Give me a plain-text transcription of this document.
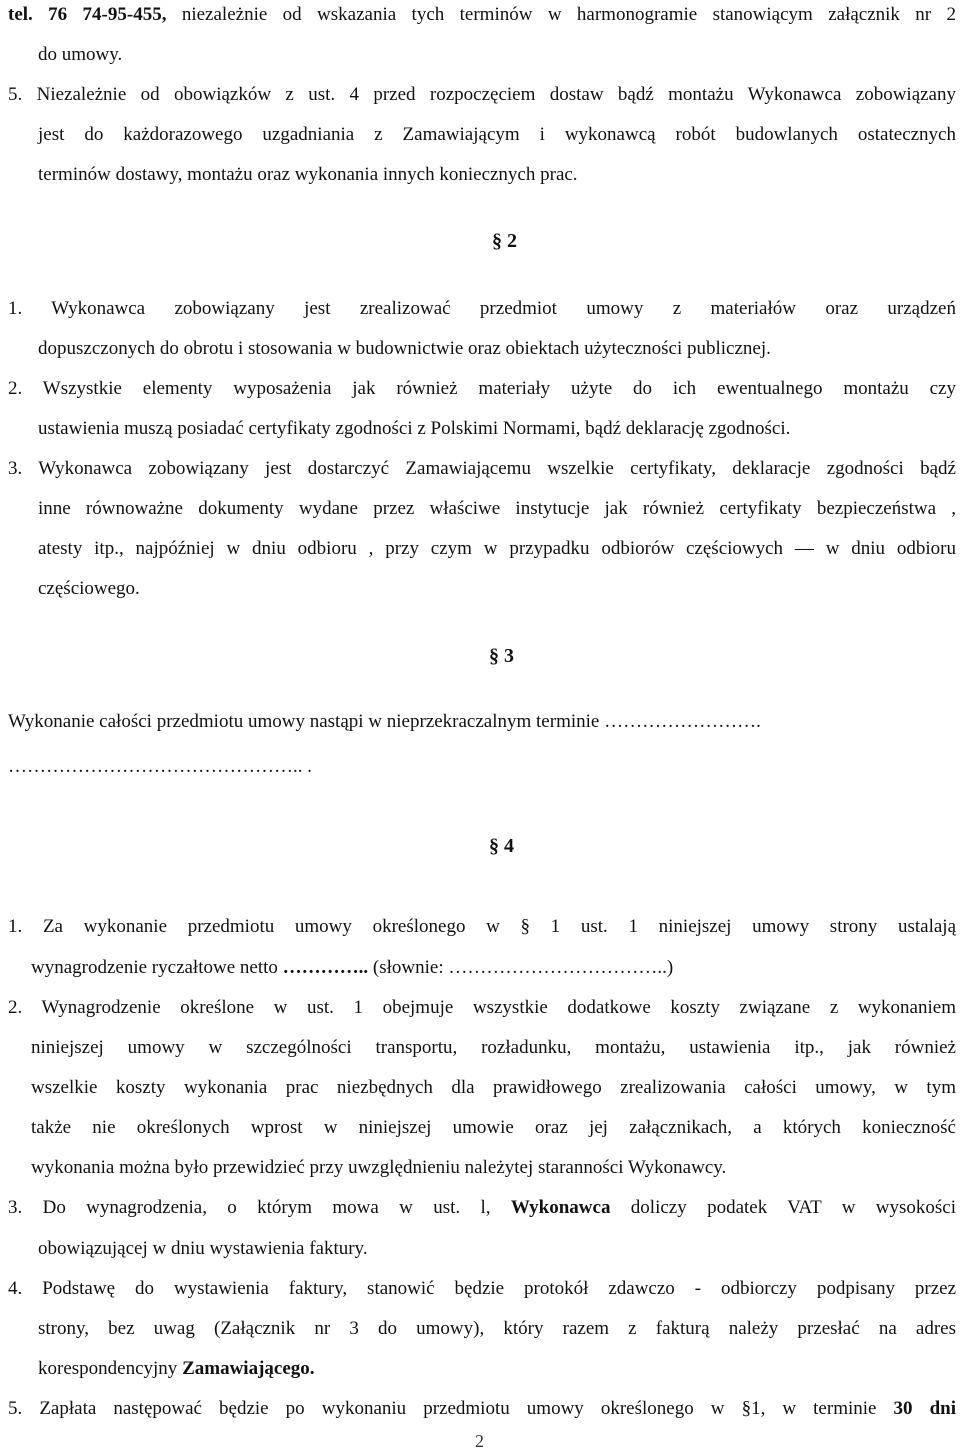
tel. 76 74-95-455, niezależnie od wskazania tych terminów w harmonogramie stanowiącym załącznik nr 2
do umowy.
5. Niezależnie od obowiązków z ust. 4 przed rozpoczęciem dostaw bądź montażu Wykonawca zobowiązany
jest do każdorazowego uzgadniania z Zamawiającym i wykonawcą robót budowlanych ostatecznych
terminów dostawy, montażu oraz wykonania innych koniecznych prac.
§ 2
1. Wykonawca zobowiązany jest zrealizować przedmiot umowy z materiałów oraz urządzeń
dopuszczonych do obrotu i stosowania w budownictwie oraz obiektach użyteczności publicznej.
2. Wszystkie elementy wyposażenia jak również materiały użyte do ich ewentualnego montażu czy
ustawienia muszą posiadać certyfikaty zgodności z Polskimi Normami, bądź deklarację zgodności.
3. Wykonawca zobowiązany jest dostarczyć Zamawiającemu wszelkie certyfikaty, deklaracje zgodności bądź
inne równoważne dokumenty wydane przez właściwe instytucje jak również certyfikaty bezpieczeństwa ,
atesty itp., najpóźniej w dniu odbioru , przy czym w przypadku odbiorów częściowych — w dniu odbioru
częściowego.
§ 3
Wykonanie całości przedmiotu umowy nastąpi w nieprzekraczalnym terminie …………………….
……………………………………….. .
§ 4
1. Za wykonanie przedmiotu umowy określonego w § 1 ust. 1 niniejszej umowy strony ustalają
wynagrodzenie ryczałtowe netto ………….. (słownie: ……………………………..)
2. Wynagrodzenie określone w ust. 1 obejmuje wszystkie dodatkowe koszty związane z wykonaniem
niniejszej umowy w szczególności transportu, rozładunku, montażu, ustawienia itp., jak również
wszelkie koszty wykonania prac niezbędnych dla prawidłowego zrealizowania całości umowy, w tym
także nie określonych wprost w niniejszej umowie oraz jej załącznikach, a których konieczność
wykonania można było przewidzieć przy uwzględnieniu należytej staranności Wykonawcy.
3. Do wynagrodzenia, o którym mowa w ust. l, Wykonawca doliczy podatek VAT w wysokości
obowiązującej w dniu wystawienia faktury.
4. Podstawę do wystawienia faktury, stanowić będzie protokół zdawczo - odbiorczy podpisany przez
strony, bez uwag (Załącznik nr 3 do umowy), który razem z fakturą należy przesłać na adres
korespondencyjny Zamawiającego.
5. Zapłata następować będzie po wykonaniu przedmiotu umowy określonego w §1, w terminie 30 dni
2
